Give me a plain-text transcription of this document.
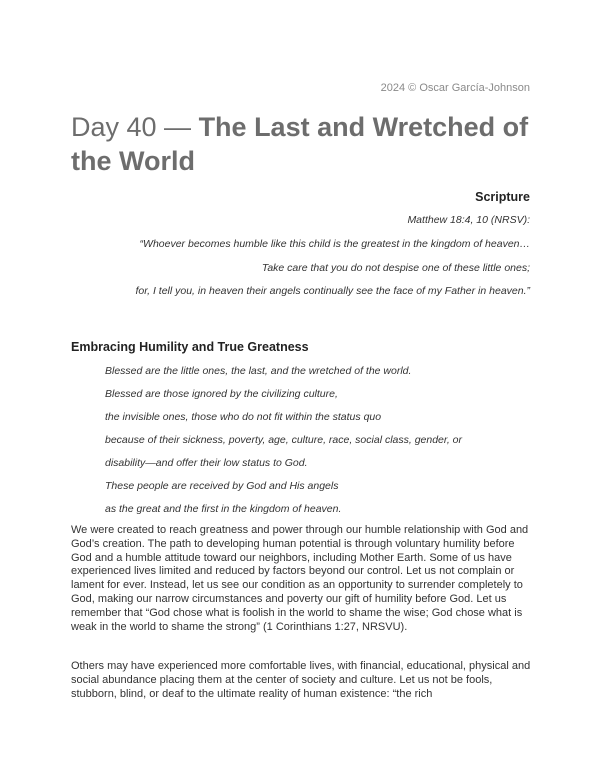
2024 © Oscar García-Johnson
Day 40 — The Last and Wretched of the World
Scripture
Matthew 18:4, 10 (NRSV):
“Whoever becomes humble like this child is the greatest in the kingdom of heaven…
Take care that you do not despise one of these little ones;
for, I tell you, in heaven their angels continually see the face of my Father in heaven.”
Embracing Humility and True Greatness
Blessed are the little ones, the last, and the wretched of the world.
Blessed are those ignored by the civilizing culture,
the invisible ones, those who do not fit within the status quo
because of their sickness, poverty, age, culture, race, social class, gender, or
disability—and offer their low status to God.
These people are received by God and His angels
as the great and the first in the kingdom of heaven.

We were created to reach greatness and power through our humble relationship with God and God’s creation. The path to developing human potential is through voluntary humility before God and a humble attitude toward our neighbors, including Mother Earth. Some of us have experienced lives limited and reduced by factors beyond our control. Let us not complain or lament for ever. Instead, let us see our condition as an opportunity to surrender completely to God, making our narrow circumstances and poverty our gift of humility before God. Let us remember that “God chose what is foolish in the world to shame the wise; God chose what is weak in the world to shame the strong” (1 Corinthians 1:27, NRSVU).

Others may have experienced more comfortable lives, with financial, educational, physical and social abundance placing them at the center of society and culture. Let us not be fools, stubborn, blind, or deaf to the ultimate reality of human existence: “the rich
